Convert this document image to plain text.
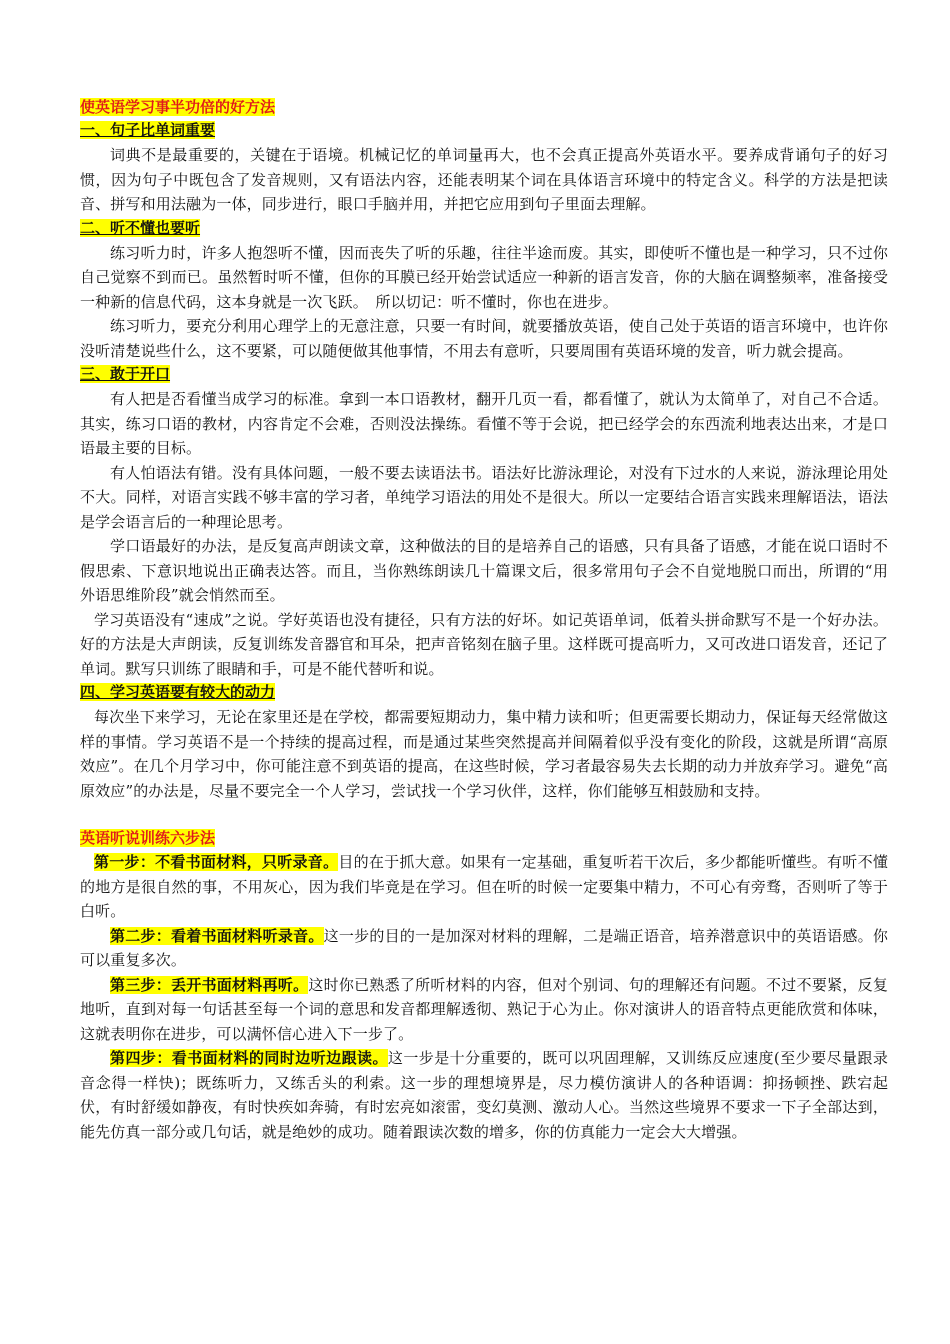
使英语学习事半功倍的好方法
一、句子比单词重要

词典不是最重要的，关键在于语境。机械记忆的单词量再大，也不会真正提高外英语水平。要养成背诵句子的好习惯，因为句子中既包含了发音规则，又有语法内容，还能表明某个词在具体语言环境中的特定含义。科学的方法是把读音、拼写和用法融为一体，同步进行，眼口手脑并用，并把它应用到句子里面去理解。

二、听不懂也要听

练习听力时，许多人抱怨听不懂，因而丧失了听的乐趣，往往半途而废。其实，即使听不懂也是一种学习，只不过你自己觉察不到而已。虽然暂时听不懂，但你的耳膜已经开始尝试适应一种新的语言发音，你的大脑在调整频率，准备接受一种新的信息代码，这本身就是一次飞跃。　所以切记：听不懂时，你也在进步。

练习听力，要充分利用心理学上的无意注意，只要一有时间，就要播放英语，使自己处于英语的语言环境中，也许你没听清楚说些什么，这不要紧，可以随便做其他事情，不用去有意听，只要周围有英语环境的发音，听力就会提高。

三、敢于开口

有人把是否看懂当成学习的标准。拿到一本口语教材，翻开几页一看，都看懂了，就认为太简单了，对自己不合适。其实，练习口语的教材，内容肯定不会难，否则没法操练。看懂不等于会说，把已经学会的东西流利地表达出来，才是口语最主要的目标。

有人怕语法有错。没有具体问题，一般不要去读语法书。语法好比游泳理论，对没有下过水的人来说，游泳理论用处不大。同样，对语言实践不够丰富的学习者，单纯学习语法的用处不是很大。所以一定要结合语言实践来理解语法，语法是学会语言后的一种理论思考。

学口语最好的办法，是反复高声朗读文章，这种做法的目的是培养自己的语感，只有具备了语感，才能在说口语时不假思索、下意识地说出正确表达答。而且，当你熟练朗读几十篇课文后，很多常用句子会不自觉地脱口而出，所谓的“用外语思维阶段”就会悄然而至。

学习英语没有“速成”之说。学好英语也没有捷径，只有方法的好坏。如记英语单词，低着头拼命默写不是一个好办法。好的方法是大声朗读，反复训练发音器官和耳朵，把声音铭刻在脑子里。这样既可提高听力，又可改进口语发音，还记了单词。默写只训练了眼睛和手，可是不能代替听和说。

四、学习英语要有较大的动力

每次坐下来学习，无论在家里还是在学校，都需要短期动力，集中精力读和听；但更需要长期动力，保证每天经常做这样的事情。学习英语不是一个持续的提高过程，而是通过某些突然提高并间隔着似乎没有变化的阶段，这就是所谓“高原效应”。在几个月学习中，你可能注意不到英语的提高，在这些时候，学习者最容易失去长期的动力并放弃学习。避免“高原效应”的办法是，尽量不要完全一个人学习，尝试找一个学习伙伴，这样，你们能够互相鼓励和支持。

英语听说训练六步法

第一步：不看书面材料，只听录音。目的在于抓大意。如果有一定基础，重复听若干次后，多少都能听懂些。有听不懂的地方是很自然的事，不用灰心，因为我们毕竟是在学习。但在听的时候一定要集中精力，不可心有旁骛，否则听了等于白听。

第二步：看着书面材料听录音。这一步的目的一是加深对材料的理解，二是端正语音，培养潜意识中的英语语感。你可以重复多次。

第三步：丢开书面材料再听。这时你已熟悉了所听材料的内容，但对个别词、句的理解还有问题。不过不要紧，反复地听，直到对每一句话甚至每一个词的意思和发音都理解透彻、熟记于心为止。你对演讲人的语音特点更能欣赏和体味，这就表明你在进步，可以满怀信心进入下一步了。

第四步：看书面材料的同时边听边跟读。这一步是十分重要的，既可以巩固理解，又训练反应速度(至少要尽量跟录音念得一样快)；既练听力，又练舌头的利索。这一步的理想境界是，尽力模仿演讲人的各种语调：抑扬顿挫、跌宕起伏，有时舒缓如静夜，有时快疾如奔骑，有时宏亮如滚雷，变幻莫测、激动人心。当然这些境界不要求一下子全部达到，能先仿真一部分或几句话，就是绝妙的成功。随着跟读次数的增多，你的仿真能力一定会大大增强。
